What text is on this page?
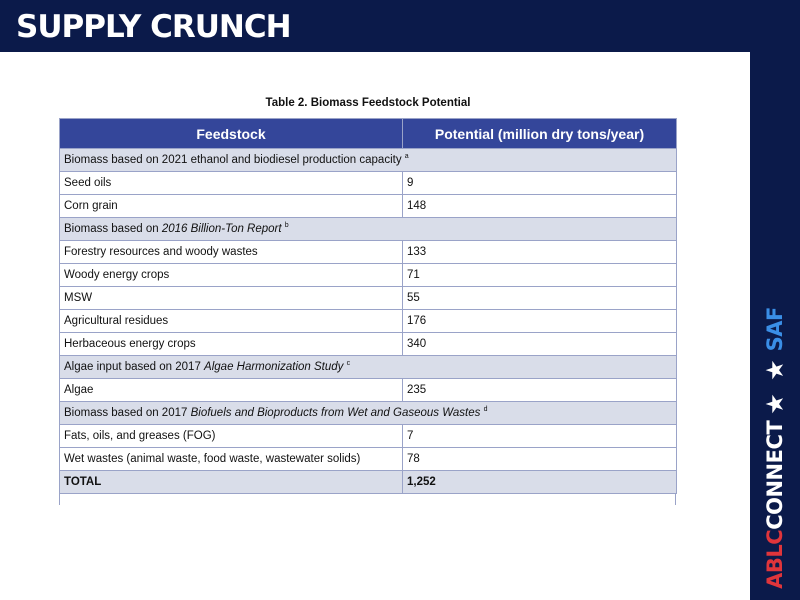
SUPPLY CRUNCH
ABLC
CONNECT
★ ★
SAF
Table 2. Biomass Feedstock Potential
Feedstock	Potential (million dry tons/year)
Biomass based on 2021 ethanol and biodiesel production capacity $^a$
Seed oils	9
Corn grain	148
Biomass based on 2016 Billion-Ton Report $^b$
Forestry resources and woody wastes	133
Woody energy crops	71
MSW	55
Agricultural residues	176
Herbaceous energy crops	340
Algae input based on 2017 Algae Harmonization Study $^c$
Algae	235
Biomass based on 2017 Biofuels and Bioproducts from Wet and Gaseous Wastes $^d$
Fats, oils, and greases (FOG)	7
Wet wastes (animal waste, food waste, wastewater solids)	78
TOTAL	1,252
